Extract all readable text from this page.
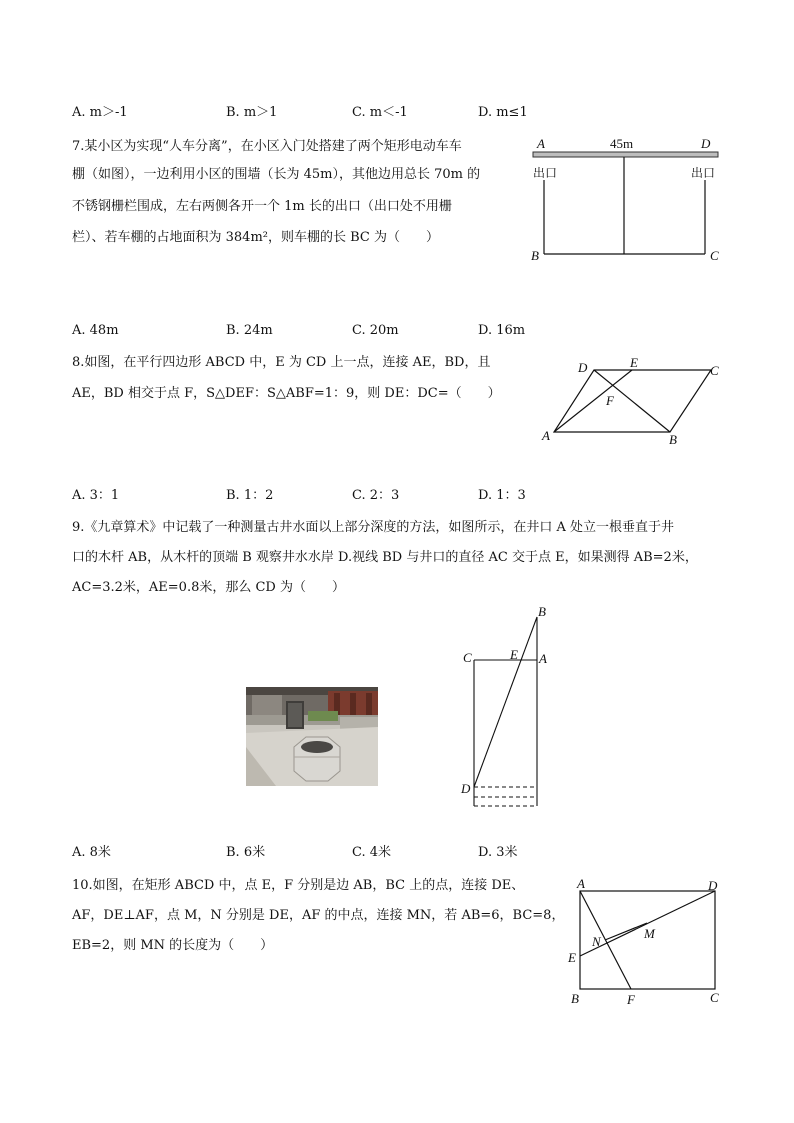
A. m＞-1	B. m＞1	C. m＜-1	D. m≤1
7.某小区为实现“人车分离”，在小区入门处搭建了两个矩形电动车车
棚（如图），一边利用小区的围墙（长为 45m），其他边用总长 70m 的
不锈钢栅栏围成，左右两侧各开一个 1m 长的出口（出口处不用栅
栏）、若车棚的占地面积为 384m²，则车棚的长 BC 为（　　）
A	45m	D
出口	出口
B	C
A. 48m	B. 24m	C. 20m	D. 16m
8.如图，在平行四边形 ABCD 中，E 为 CD 上一点，连接 AE，BD，且
AE，BD 相交于点 F，S△DEF：S△ABF=1：9，则 DE：DC=（　　）
D	E
C
F
A	B
A. 3：1	B. 1：2	C. 2：3	D. 1：3
9.《九章算术》中记载了一种测量古井水面以上部分深度的方法，如图所示，在井口 A 处立一根垂直于井
口的木杆 AB，从木杆的顶端 B 观察井水水岸 D.视线 BD 与井口的直径 AC 交于点 E，如果测得 AB=2米，
AC=3.2米，AE=0.8米，那么 CD 为（　　）
B
C	E A
D
A. 8米	B. 6米	C. 4米	D. 3米
10.如图，在矩形 ABCD 中，点 E，F 分别是边 AB，BC 上的点，连接 DE、
AF，DE⊥AF，点 M，N 分别是 DE，AF 的中点，连接 MN，若 AB=6，BC=8，
EB=2，则 MN 的长度为（　　）
A	D
N
M
E
B	F	C
